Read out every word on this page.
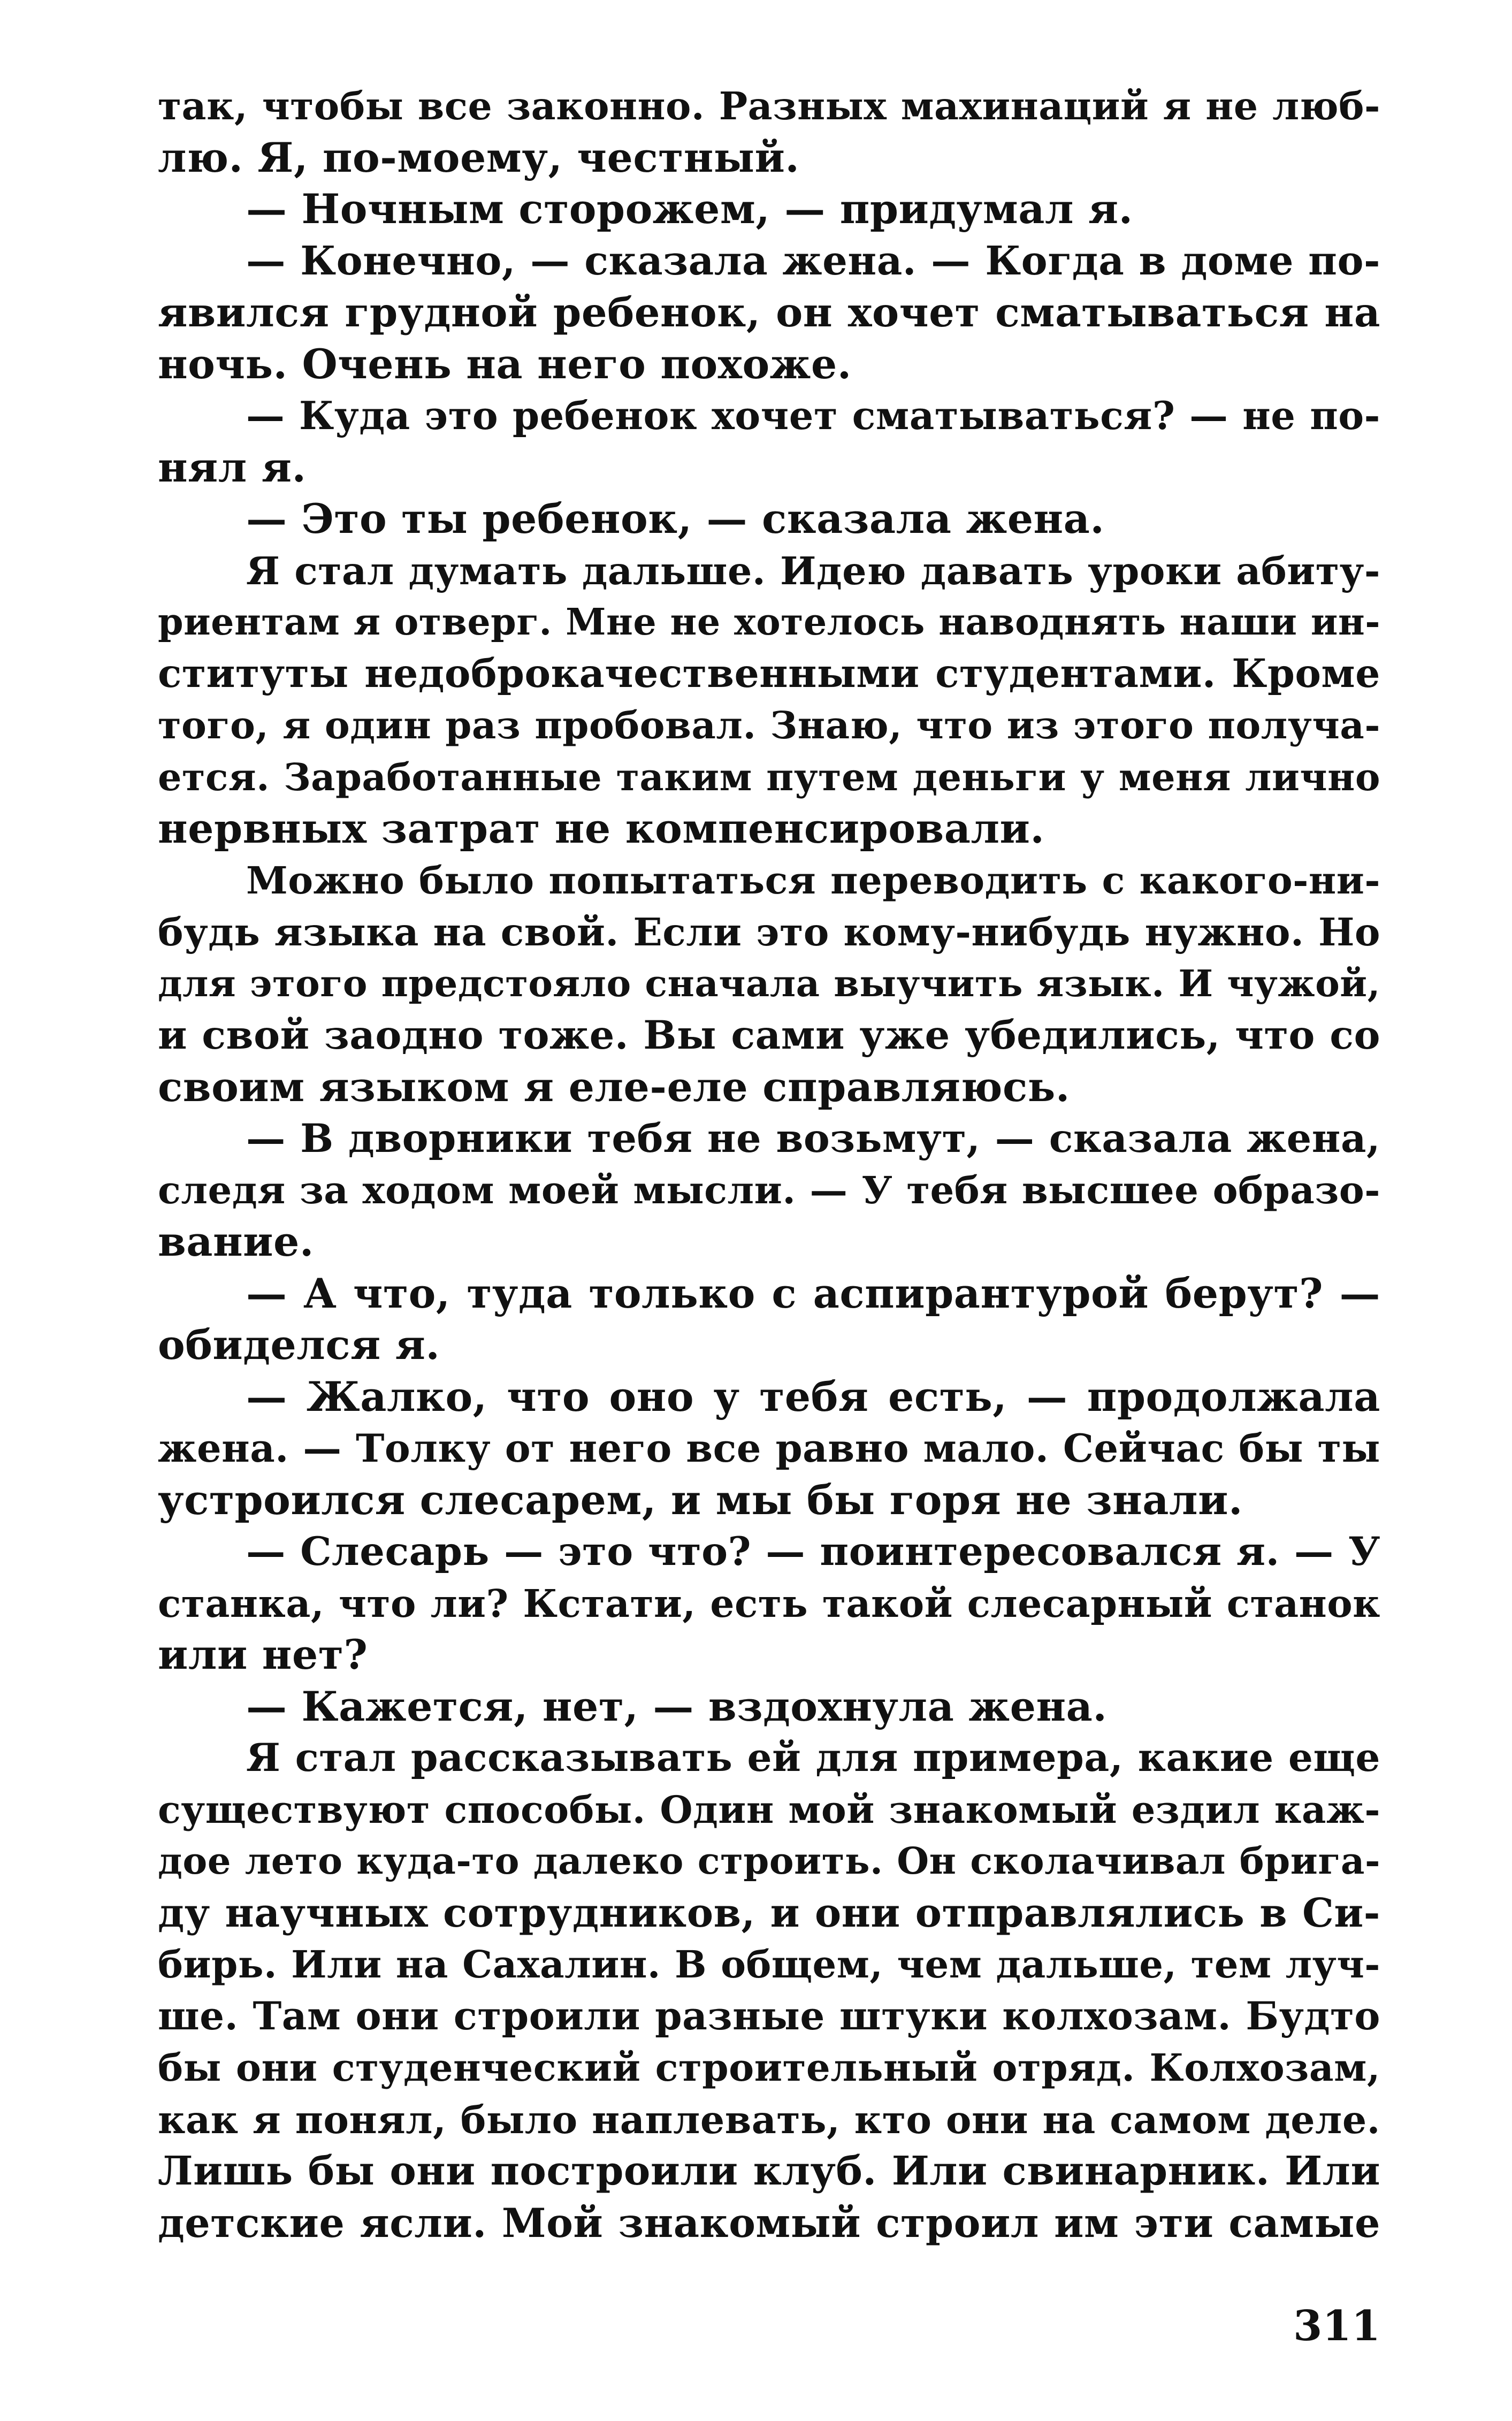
так, чтобы все законно. Разных махинаций я не люб-
лю. Я, по-моему, честный.
— Ночным сторожем, — придумал я.
— Конечно, — сказала жена. — Когда в доме по-
явился грудной ребенок, он хочет сматываться на
ночь. Очень на него похоже.
— Куда это ребенок хочет сматываться? — не по-
нял я.
— Это ты ребенок, — сказала жена.
Я стал думать дальше. Идею давать уроки абиту-
риентам я отверг. Мне не хотелось наводнять наши ин-
ституты недоброкачественными студентами. Кроме
того, я один раз пробовал. Знаю, что из этого получа-
ется. Заработанные таким путем деньги у меня лично
нервных затрат не компенсировали.
Можно было попытаться переводить с какого-ни-
будь языка на свой. Если это кому-нибудь нужно. Но
для этого предстояло сначала выучить язык. И чужой,
и свой заодно тоже. Вы сами уже убедились, что со
своим языком я еле-еле справляюсь.
— В дворники тебя не возьмут, — сказала жена,
следя за ходом моей мысли. — У тебя высшее образо-
вание.
— А что, туда только с аспирантурой берут? —
обиделся я.
— Жалко, что оно у тебя есть, — продолжала
жена. — Толку от него все равно мало. Сейчас бы ты
устроился слесарем, и мы бы горя не знали.
— Слесарь — это что? — поинтересовался я. — У
станка, что ли? Кстати, есть такой слесарный станок
или нет?
— Кажется, нет, — вздохнула жена.
Я стал рассказывать ей для примера, какие еще
существуют способы. Один мой знакомый ездил каж-
дое лето куда-то далеко строить. Он сколачивал брига-
ду научных сотрудников, и они отправлялись в Си-
бирь. Или на Сахалин. В общем, чем дальше, тем луч-
ше. Там они строили разные штуки колхозам. Будто
бы они студенческий строительный отряд. Колхозам,
как я понял, было наплевать, кто они на самом деле.
Лишь бы они построили клуб. Или свинарник. Или
детские ясли. Мой знакомый строил им эти самые
311
